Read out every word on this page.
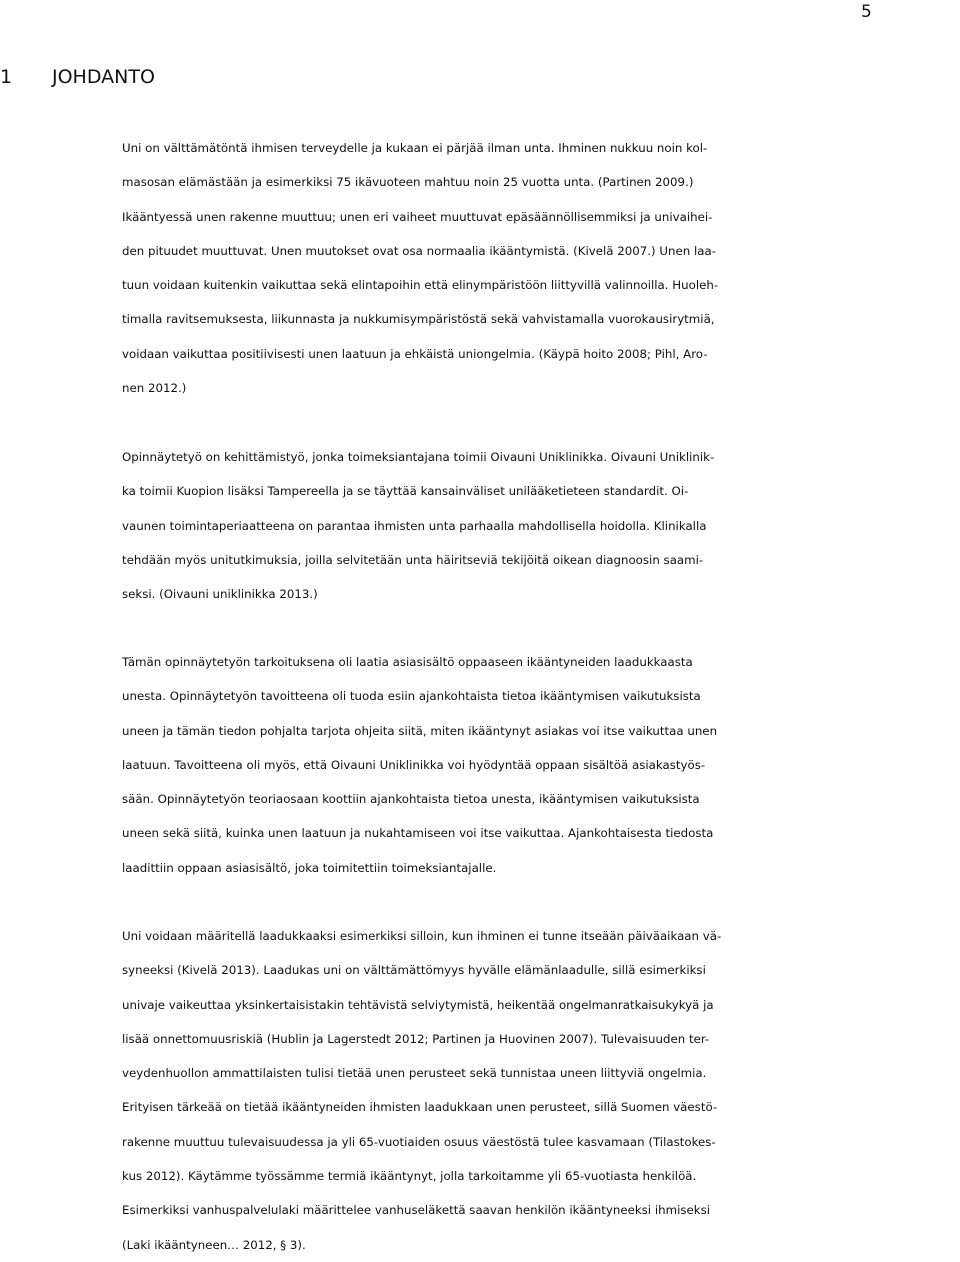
5
1 JOHDANTO
Uni on välttämätöntä ihmisen terveydelle ja kukaan ei pärjää ilman unta. Ihminen nukkuu noin kol-
masosan elämästään ja esimerkiksi 75 ikävuoteen mahtuu noin 25 vuotta unta. (Partinen 2009.)
Ikääntyessä unen rakenne muuttuu; unen eri vaiheet muuttuvat epäsäännöllisemmiksi ja univaihei-
den pituudet muuttuvat. Unen muutokset ovat osa normaalia ikääntymistä. (Kivelä 2007.) Unen laa-
tuun voidaan kuitenkin vaikuttaa sekä elintapoihin että elinympäristöön liittyvillä valinnoilla. Huoleh-
timalla ravitsemuksesta, liikunnasta ja nukkumisympäristöstä sekä vahvistamalla vuorokausirytmiä,
voidaan vaikuttaa positiivisesti unen laatuun ja ehkäistä uniongelmia. (Käypä hoito 2008; Pihl, Aro-
nen 2012.)
Opinnäytetyö on kehittämistyö, jonka toimeksiantajana toimii Oivauni Uniklinikka. Oivauni Uniklinik-
ka toimii Kuopion lisäksi Tampereella ja se täyttää kansainväliset unilääketieteen standardit. Oi-
vaunen toimintaperiaatteena on parantaa ihmisten unta parhaalla mahdollisella hoidolla. Klinikalla
tehdään myös unitutkimuksia, joilla selvitetään unta häiritseviä tekijöitä oikean diagnoosin saami-
seksi. (Oivauni uniklinikka 2013.)
Tämän opinnäytetyön tarkoituksena oli laatia asiasisältö oppaaseen ikääntyneiden laadukkaasta
unesta. Opinnäytetyön tavoitteena oli tuoda esiin ajankohtaista tietoa ikääntymisen vaikutuksista
uneen ja tämän tiedon pohjalta tarjota ohjeita siitä, miten ikääntynyt asiakas voi itse vaikuttaa unen
laatuun. Tavoitteena oli myös, että Oivauni Uniklinikka voi hyödyntää oppaan sisältöä asiakastyös-
sään. Opinnäytetyön teoriaosaan koottiin ajankohtaista tietoa unesta, ikääntymisen vaikutuksista
uneen sekä siitä, kuinka unen laatuun ja nukahtamiseen voi itse vaikuttaa. Ajankohtaisesta tiedosta
laadittiin oppaan asiasisältö, joka toimitettiin toimeksiantajalle.
Uni voidaan määritellä laadukkaaksi esimerkiksi silloin, kun ihminen ei tunne itseään päiväaikaan vä-
syneeksi (Kivelä 2013). Laadukas uni on välttämättömyys hyvälle elämänlaadulle, sillä esimerkiksi
univaje vaikeuttaa yksinkertaisistakin tehtävistä selviytymistä, heikentää ongelmanratkaisukykyä ja
lisää onnettomuusriskiä (Hublin ja Lagerstedt 2012; Partinen ja Huovinen 2007). Tulevaisuuden ter-
veydenhuollon ammattilaisten tulisi tietää unen perusteet sekä tunnistaa uneen liittyviä ongelmia.
Erityisen tärkeää on tietää ikääntyneiden ihmisten laadukkaan unen perusteet, sillä Suomen väestö-
rakenne muuttuu tulevaisuudessa ja yli 65-vuotiaiden osuus väestöstä tulee kasvamaan (Tilastokes-
kus 2012). Käytämme työssämme termiä ikääntynyt, jolla tarkoitamme yli 65-vuotiasta henkilöä.
Esimerkiksi vanhuspalvelulaki määrittelee vanhuseläkettä saavan henkilön ikääntyneeksi ihmiseksi
(Laki ikääntyneen… 2012, § 3).
